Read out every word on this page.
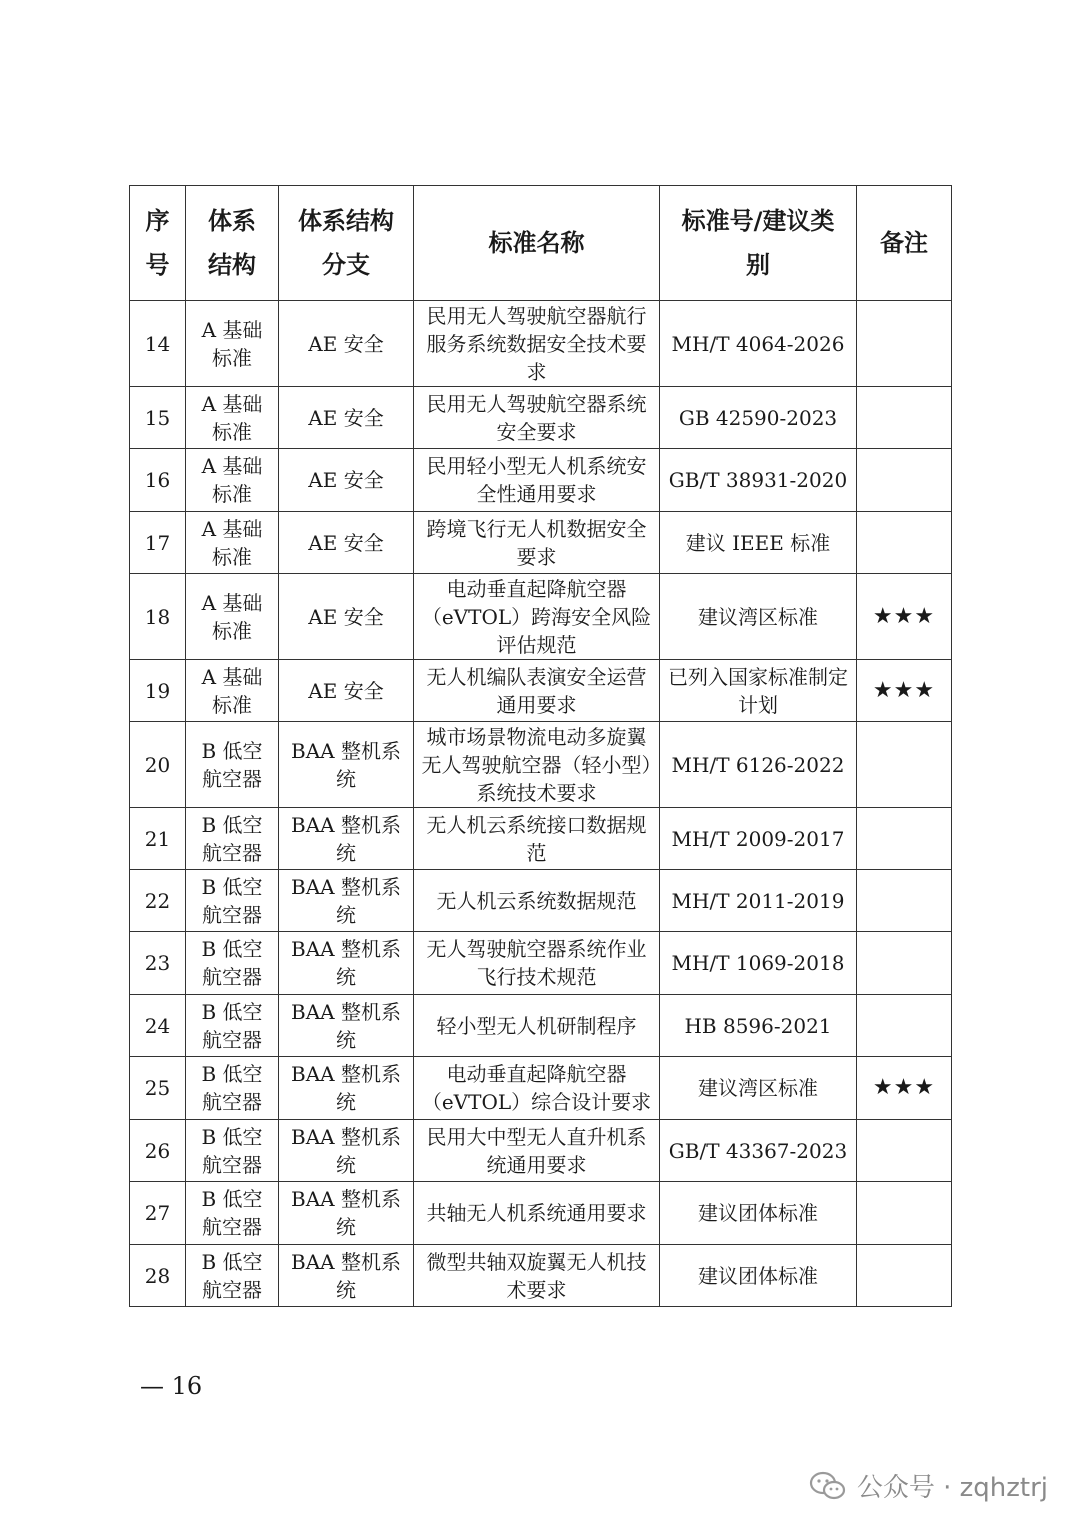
序号	体系结构	体系结构分支	标准名称	标准号/建议类别	备注
14	A 基础标准	AE 安全	民用无人驾驶航空器航行服务系统数据安全技术要求	MH/T 4064-2026	
15	A 基础标准	AE 安全	民用无人驾驶航空器系统安全要求	GB 42590-2023	
16	A 基础标准	AE 安全	民用轻小型无人机系统安全性通用要求	GB/T 38931-2020	
17	A 基础标准	AE 安全	跨境飞行无人机数据安全要求	建议 IEEE 标准	
18	A 基础标准	AE 安全	电动垂直起降航空器（eVTOL）跨海安全风险评估规范	建议湾区标准	★★★
19	A 基础标准	AE 安全	无人机编队表演安全运营通用要求	已列入国家标准制定计划	★★★
20	B 低空航空器	BAA 整机系统	城市场景物流电动多旋翼无人驾驶航空器（轻小型）系统技术要求	MH/T 6126-2022	
21	B 低空航空器	BAA 整机系统	无人机云系统接口数据规范	MH/T 2009-2017	
22	B 低空航空器	BAA 整机系统	无人机云系统数据规范	MH/T 2011-2019	
23	B 低空航空器	BAA 整机系统	无人驾驶航空器系统作业飞行技术规范	MH/T 1069-2018	
24	B 低空航空器	BAA 整机系统	轻小型无人机研制程序	HB 8596-2021	
25	B 低空航空器	BAA 整机系统	电动垂直起降航空器（eVTOL）综合设计要求	建议湾区标准	★★★
26	B 低空航空器	BAA 整机系统	民用大中型无人直升机系统通用要求	GB/T 43367-2023	
27	B 低空航空器	BAA 整机系统	共轴无人机系统通用要求	建议团体标准	
28	B 低空航空器	BAA 整机系统	微型共轴双旋翼无人机技术要求	建议团体标准	
— 16
公众号 · zqhztrj
